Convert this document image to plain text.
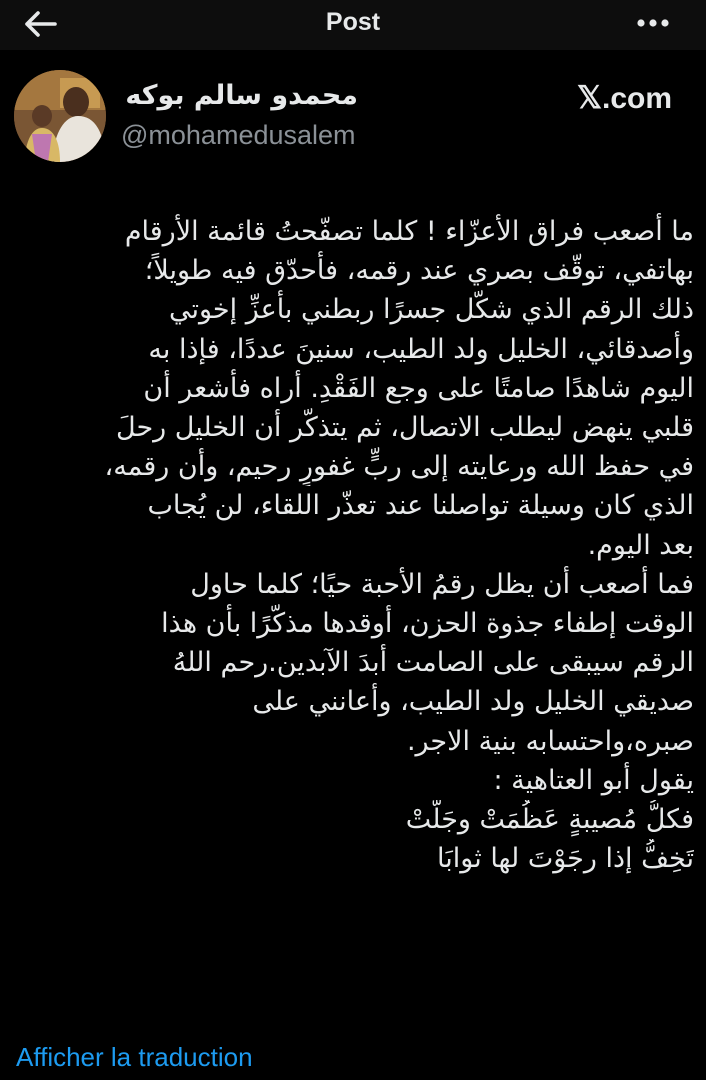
Post
محمدو سالم بوكه
@mohamedusalem
𝕏 .com
ما أصعب فراق الأعزّاء ! كلما تصفّحتُ قائمة الأرقام
بهاتفي، توقّف بصري عند رقمه، فأحدّق فيه طويلاً؛
ذلك الرقم الذي شكّل جسرًا ربطني بأعزِّ إخوتي
وأصدقائي، الخليل ولد الطيب، سنينَ عددًا، فإذا به
اليوم شاهدًا صامتًا على وجع الفَقْدِ. أراه فأشعر أن
قلبي ينهض ليطلب الاتصال، ثم يتذكّر أن الخليل رحلَ
في حفظ الله ورعايته إلى ربٍّ غفورٍ رحيم، وأن رقمه،
الذي كان وسيلة تواصلنا عند تعذّر اللقاء، لن يُجاب
بعد اليوم.
فما أصعب أن يظل رقمُ الأحبة حيًا؛ كلما حاول
الوقت إطفاء جذوة الحزن، أوقدها مذكّرًا بأن هذا
الرقم سيبقى على الصامت أبدَ الآبدين.رحم اللهُ
صديقي الخليل ولد الطيب، وأعانني على
صبره،واحتسابه بنية الاجر.
يقول أبو العتاهية :
فكلُّ مُصيبةٍ عَظُمَتْ وجَلَّتْ
تَخِفُّ إذا رجَوْتَ لها ثوابَا
Afficher la traduction
